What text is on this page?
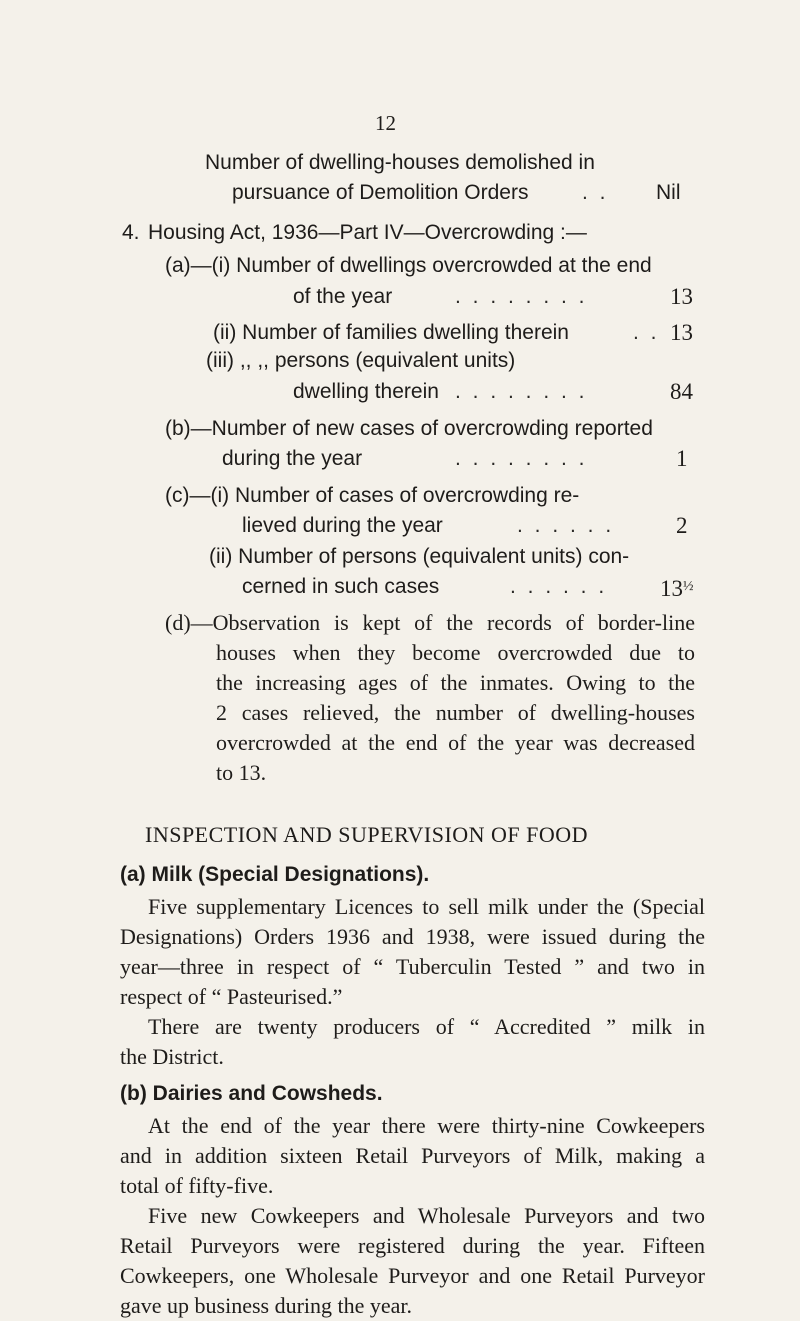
12
Number of dwelling-houses demolished in
pursuance of Demolition Orders	. . Nil
4. Housing Act, 1936—Part IV—Overcrowding :—
(a)—(i) Number of dwellings overcrowded at the end
of the year	. . . . . . . .	13
(ii) Number of families dwelling therein	. . 13
(iii) ,, ,, persons (equivalent units)
dwelling therein . . . . . . . .	84
(b)—Number of new cases of overcrowding reported
during the year	. . . . . . . .	1
(c)—(i) Number of cases of overcrowding re-
lieved during the year	. . . . . .	2
(ii) Number of persons (equivalent units) con-
cerned in such cases	. . . . . . $13^{\frac{1}{2}}$
(d)—Observation is kept of the records of border-line
houses when they become overcrowded due to
the increasing ages of the inmates. Owing to the
2 cases relieved, the number of dwelling-houses
overcrowded at the end of the year was decreased
to 13.
INSPECTION AND SUPERVISION OF FOOD
(a) Milk (Special Designations).
Five supplementary Licences to sell milk under the (Special
Designations) Orders 1936 and 1938, were issued during the
year—three in respect of “ Tuberculin Tested ” and two in
respect of “ Pasteurised.”
There are twenty producers of “ Accredited ” milk in
the District.
(b) Dairies and Cowsheds.
At the end of the year there were thirty-nine Cowkeepers
and in addition sixteen Retail Purveyors of Milk, making a
total of fifty-five.
Five new Cowkeepers and Wholesale Purveyors and two
Retail Purveyors were registered during the year. Fifteen
Cowkeepers, one Wholesale Purveyor and one Retail Purveyor
gave up business during the year.
